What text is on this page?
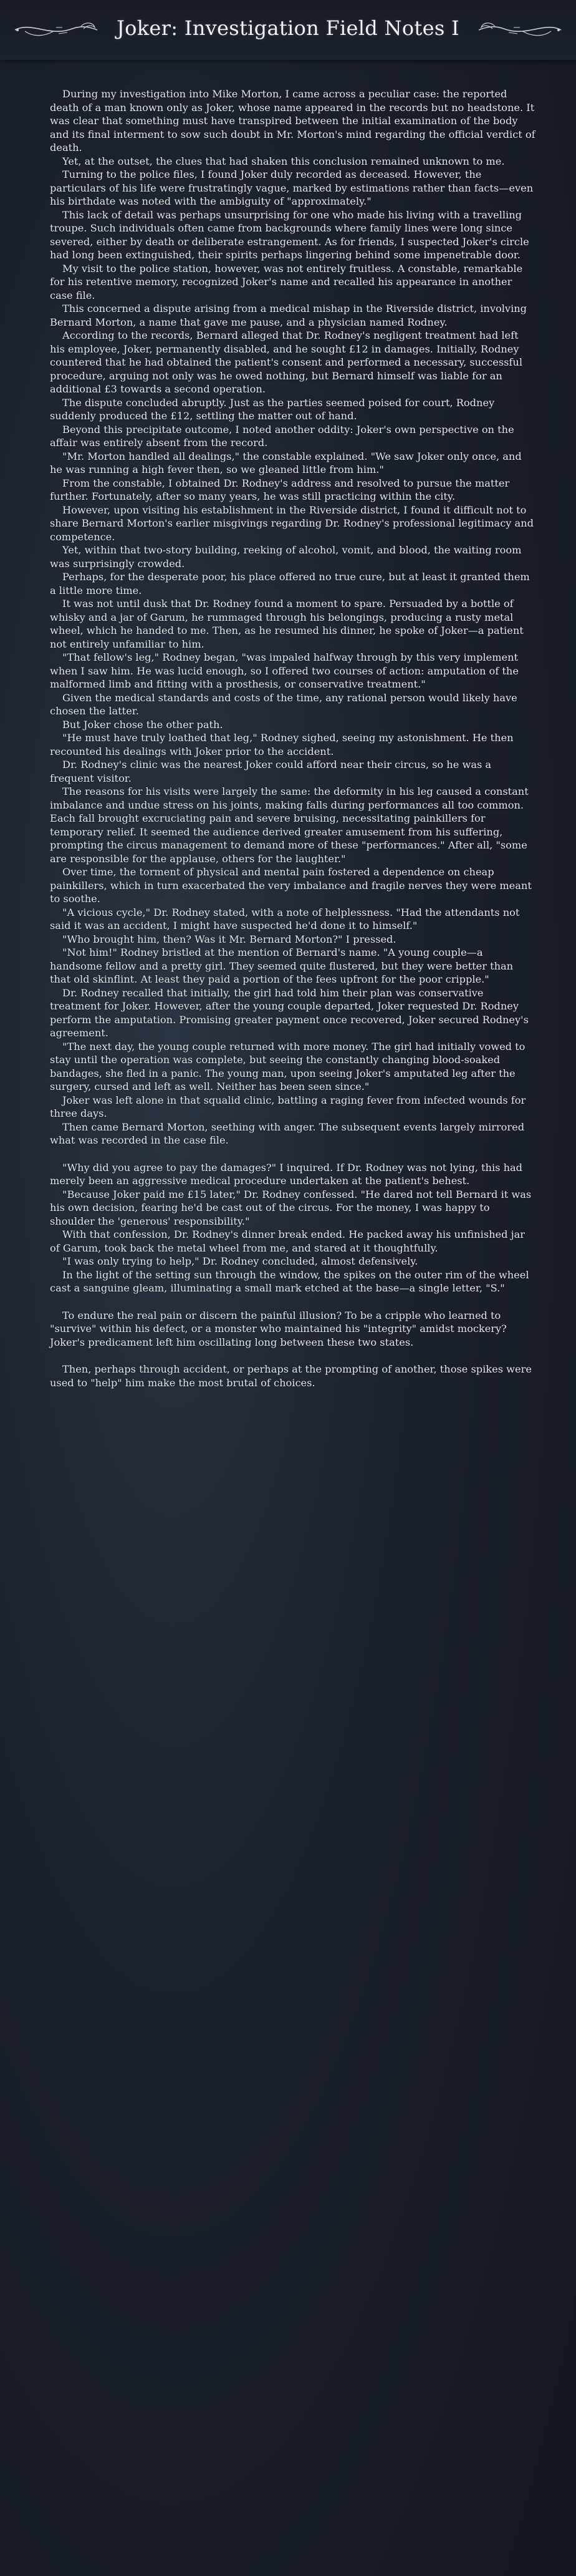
Joker: Investigation Field Notes I

During my investigation into Mike Morton, I came across a peculiar case: the reported death of a man known only as Joker, whose name appeared in the records but no headstone. It was clear that something must have transpired between the initial examination of the body and its final interment to sow such doubt in Mr. Morton's mind regarding the official verdict of death.

Yet, at the outset, the clues that had shaken this conclusion remained unknown to me.

Turning to the police files, I found Joker duly recorded as deceased. However, the particulars of his life were frustratingly vague, marked by estimations rather than facts—even his birthdate was noted with the ambiguity of "approximately."

This lack of detail was perhaps unsurprising for one who made his living with a travelling troupe. Such individuals often came from backgrounds where family lines were long since severed, either by death or deliberate estrangement. As for friends, I suspected Joker's circle had long been extinguished, their spirits perhaps lingering behind some impenetrable door.

My visit to the police station, however, was not entirely fruitless. A constable, remarkable for his retentive memory, recognized Joker's name and recalled his appearance in another case file.

This concerned a dispute arising from a medical mishap in the Riverside district, involving Bernard Morton, a name that gave me pause, and a physician named Rodney.

According to the records, Bernard alleged that Dr. Rodney's negligent treatment had left his employee, Joker, permanently disabled, and he sought £12 in damages. Initially, Rodney countered that he had obtained the patient's consent and performed a necessary, successful procedure, arguing not only was he owed nothing, but Bernard himself was liable for an additional £3 towards a second operation.

The dispute concluded abruptly. Just as the parties seemed poised for court, Rodney suddenly produced the £12, settling the matter out of hand.

Beyond this precipitate outcome, I noted another oddity: Joker's own perspective on the affair was entirely absent from the record.

"Mr. Morton handled all dealings," the constable explained. "We saw Joker only once, and he was running a high fever then, so we gleaned little from him."

From the constable, I obtained Dr. Rodney's address and resolved to pursue the matter further. Fortunately, after so many years, he was still practicing within the city.

However, upon visiting his establishment in the Riverside district, I found it difficult not to share Bernard Morton's earlier misgivings regarding Dr. Rodney's professional legitimacy and competence.

Yet, within that two-story building, reeking of alcohol, vomit, and blood, the waiting room was surprisingly crowded.

Perhaps, for the desperate poor, his place offered no true cure, but at least it granted them a little more time.

It was not until dusk that Dr. Rodney found a moment to spare. Persuaded by a bottle of whisky and a jar of Garum, he rummaged through his belongings, producing a rusty metal wheel, which he handed to me. Then, as he resumed his dinner, he spoke of Joker—a patient not entirely unfamiliar to him.

"That fellow's leg," Rodney began, "was impaled halfway through by this very implement when I saw him. He was lucid enough, so I offered two courses of action: amputation of the malformed limb and fitting with a prosthesis, or conservative treatment."

Given the medical standards and costs of the time, any rational person would likely have chosen the latter.

But Joker chose the other path.

"He must have truly loathed that leg," Rodney sighed, seeing my astonishment. He then recounted his dealings with Joker prior to the accident.

Dr. Rodney's clinic was the nearest Joker could afford near their circus, so he was a frequent visitor.

The reasons for his visits were largely the same: the deformity in his leg caused a constant imbalance and undue stress on his joints, making falls during performances all too common. Each fall brought excruciating pain and severe bruising, necessitating painkillers for temporary relief. It seemed the audience derived greater amusement from his suffering, prompting the circus management to demand more of these "performances." After all, "some are responsible for the applause, others for the laughter."

Over time, the torment of physical and mental pain fostered a dependence on cheap painkillers, which in turn exacerbated the very imbalance and fragile nerves they were meant to soothe.

"A vicious cycle," Dr. Rodney stated, with a note of helplessness. "Had the attendants not said it was an accident, I might have suspected he'd done it to himself."

"Who brought him, then? Was it Mr. Bernard Morton?" I pressed.

"Not him!" Rodney bristled at the mention of Bernard's name. "A young couple—a handsome fellow and a pretty girl. They seemed quite flustered, but they were better than that old skinflint. At least they paid a portion of the fees upfront for the poor cripple."

Dr. Rodney recalled that initially, the girl had told him their plan was conservative treatment for Joker. However, after the young couple departed, Joker requested Dr. Rodney perform the amputation. Promising greater payment once recovered, Joker secured Rodney's agreement.

"The next day, the young couple returned with more money. The girl had initially vowed to stay until the operation was complete, but seeing the constantly changing blood-soaked bandages, she fled in a panic. The young man, upon seeing Joker's amputated leg after the surgery, cursed and left as well. Neither has been seen since."

Joker was left alone in that squalid clinic, battling a raging fever from infected wounds for three days.

Then came Bernard Morton, seething with anger. The subsequent events largely mirrored what was recorded in the case file.

"Why did you agree to pay the damages?" I inquired. If Dr. Rodney was not lying, this had merely been an aggressive medical procedure undertaken at the patient's behest.

"Because Joker paid me £15 later," Dr. Rodney confessed. "He dared not tell Bernard it was his own decision, fearing he'd be cast out of the circus. For the money, I was happy to shoulder the 'generous' responsibility."

With that confession, Dr. Rodney's dinner break ended. He packed away his unfinished jar of Garum, took back the metal wheel from me, and stared at it thoughtfully.

"I was only trying to help," Dr. Rodney concluded, almost defensively.

In the light of the setting sun through the window, the spikes on the outer rim of the wheel cast a sanguine gleam, illuminating a small mark etched at the base—a single letter, "S."

To endure the real pain or discern the painful illusion? To be a cripple who learned to "survive" within his defect, or a monster who maintained his "integrity" amidst mockery? Joker's predicament left him oscillating long between these two states.

Then, perhaps through accident, or perhaps at the prompting of another, those spikes were used to "help" him make the most brutal of choices.
